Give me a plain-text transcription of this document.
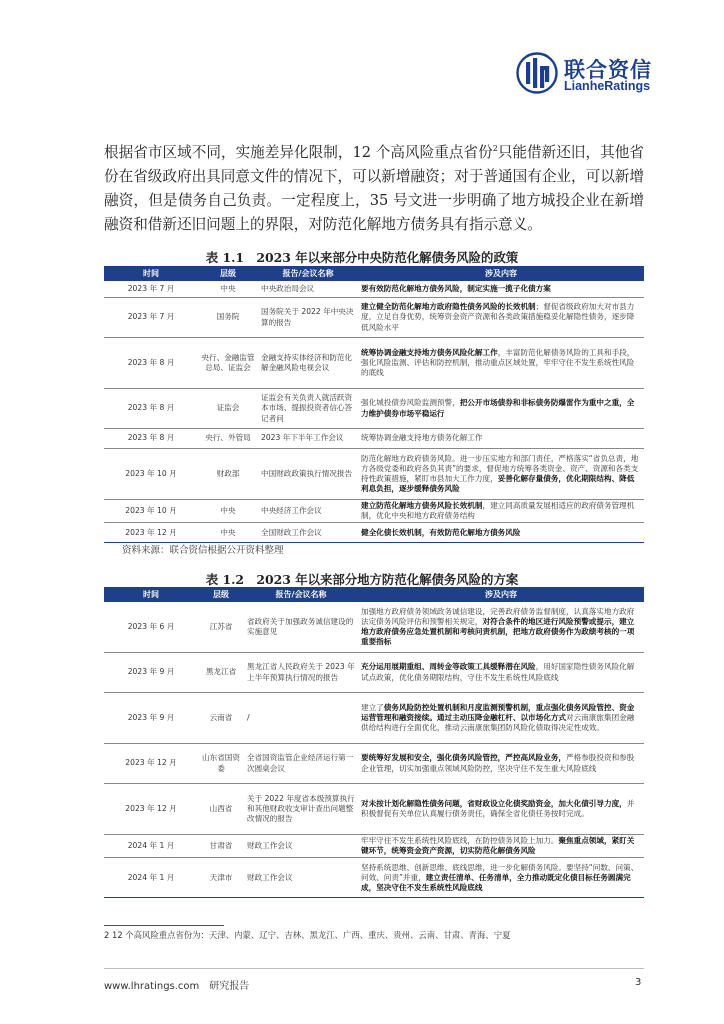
联合资信
LianheRatings

根据省市区域不同，实施差异化限制，12 个高风险重点省份$^2$只能借新还旧，其他省份在省级政府出具同意文件的情况下，可以新增融资；对于普通国有企业，可以新增融资，但是债务自己负责。一定程度上，35 号文进一步明确了地方城投企业在新增融资和借新还旧问题上的界限，对防范化解地方债务具有指示意义。

表 1.1　2023 年以来部分中央防范化解债务风险的政策
时间	层级	报告/会议名称	涉及内容
2023 年 7 月	中央	中央政治局会议	要有效防范化解地方债务风险，制定实施一揽子化债方案
2023 年 7 月	国务院	国务院关于 2022 年中央决算的报告	建立健全防范化解地方政府隐性债务风险的长效机制；督促省级政府加大对市县力度，立足自身优势，统筹资金资产资源和各类政策措施稳妥化解隐性债务，逐步降低风险水平
2023 年 8 月	央行、金融监管总局、证监会	金融支持实体经济和防范化解金融风险电视会议	统筹协调金融支持地方债务风险化解工作，丰富防范化解债务风险的工具和手段，强化风险监测、评估和防控机制，推动重点区域处置，牢牢守住不发生系统性风险的底线
2023 年 8 月	证监会	证监会有关负责人就活跃资本市场、提振投资者信心答记者问	强化城投债券风险监测预警，把公开市场债券和非标债务防爆雷作为重中之重，全力维护债券市场平稳运行
2023 年 8 月	央行、外管局	2023 年下半年工作会议	统筹协调金融支持地方债务化解工作
2023 年 10 月	财政部	中国财政政策执行情况报告	防范化解地方政府债务风险。进一步压实地方和部门责任，严格落实“省负总责，地方各级党委和政府各负其责”的要求，督促地方统筹各类资金、资产、资源和各类支持性政策措施，紧盯市县加大工作力度，妥善化解存量债务，优化期限结构、降低利息负担，逐步缓释债务风险
2023 年 10 月	中央	中央经济工作会议	建立防范化解地方债务风险长效机制，建立同高质量发展相适应的政府债务管理机制，优化中央和地方政府债务结构
2023 年 12 月	中央	全国财政工作会议	健全化债长效机制，有效防范化解地方债务风险
资料来源：联合资信根据公开资料整理
表 1.2　2023 年以来部分地方防范化解债务风险的方案
时间	层级	报告/会议名称	涉及内容
2023 年 6 月	江苏省	省政府关于加强政务诚信建设的实施意见	加强地方政府债务领域政务诚信建设，完善政府债务监督制度，认真落实地方政府法定债务风险评估和预警相关规定，对符合条件的地区进行风险预警或提示，建立地方政府债务应急处置机制和考核问责机制，把地方政府债务作为政绩考核的一项重要指标
2023 年 9 月	黑龙江省	黑龙江省人民政府关于 2023 年上半年预算执行情况的报告	充分运用展期重组、周转金等政策工具缓释潜在风险，用好国家隐性债务风险化解试点政策，优化债务期限结构，守住不发生系统性风险底线
2023 年 9 月	云南省	/	建立了债务风险防控处置机制和月度监测预警机制，重点强化债务风险管控、资金运营管理和融资接续。通过主动压降金融杠杆、以市场化方式对云南康旅集团金融供给结构进行全面优化，推动云南康旅集团防风险化债取得决定性成效。
2023 年 12 月	山东省国资委	全省国资监管企业经济运行第一次圆桌会议	要统筹好发展和安全，强化债务风险管控，严控高风险业务，严格参股投资和参股企业管理，切实加强重点领域风险防控，坚决守住不发生重大风险底线
2023 年 12 月	山西省	关于 2022 年度省本级预算执行和其他财政收支审计查出问题整改情况的报告	对未按计划化解隐性债务问题，省财政设立化债奖励资金，加大化债引导力度，并积极督促有关单位认真履行债务责任，确保全省化债任务按时完成。
2024 年 1 月	甘肃省	财政工作会议	牢牢守住不发生系统性风险底线，在防控债务风险上加力。聚焦重点领域，紧盯关键环节，统筹资金资产资源，切实防范化解债务风险
2024 年 1 月	天津市	财政工作会议	坚持系统思维、创新思维、底线思维，进一步化解债务风险。要坚持“问数、问策、问效、问责”并重，建立责任清单、任务清单，全力推动既定化债目标任务圆满完成，坚决守住不发生系统性风险底线
2 12 个高风险重点省份为：天津、内蒙、辽宁、吉林、黑龙江、广西、重庆、贵州、云南、甘肃、青海、宁夏
www.lhratings.com　 研究报告	3
